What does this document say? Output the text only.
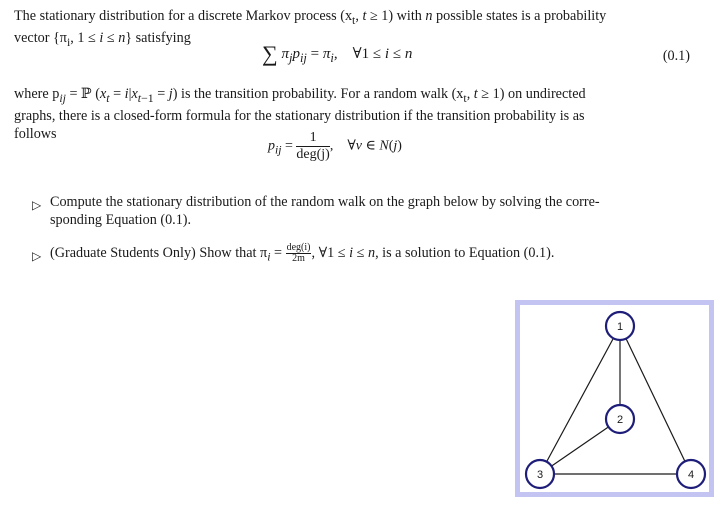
The stationary distribution for a discrete Markov process ($x_t$, t ≥ 1) with n possible states is a probability
vector {$\pi_i$, 1 ≤ i ≤ n} satisfying
∑ $\pi_jp_{ij} = \pi_i$,    ∀1 ≤ i ≤ n	(0.1)
where $p_{ij}$ = ℙ $(x_t = i|x_{t-1} = j)$ is the transition probability. For a random walk ($x_t$, t ≥ 1) on undirected
graphs, there is a closed-form formula for the stationary distribution if the transition probability is as
follows
$p_{ij} = \frac{1}{\text{deg(j)}}$ ,    ∀v ∈ N(j)
▷ Compute the stationary distribution of the random walk on the graph below by solving the corre-
sponding Equation (0.1).
▷ (Graduate Students Only) Show that $\pi_i = \frac{\text{deg(i)}}{2m}$ , ∀1 ≤ i ≤ n, is a solution to Equation (0.1).
1
2
3	4
